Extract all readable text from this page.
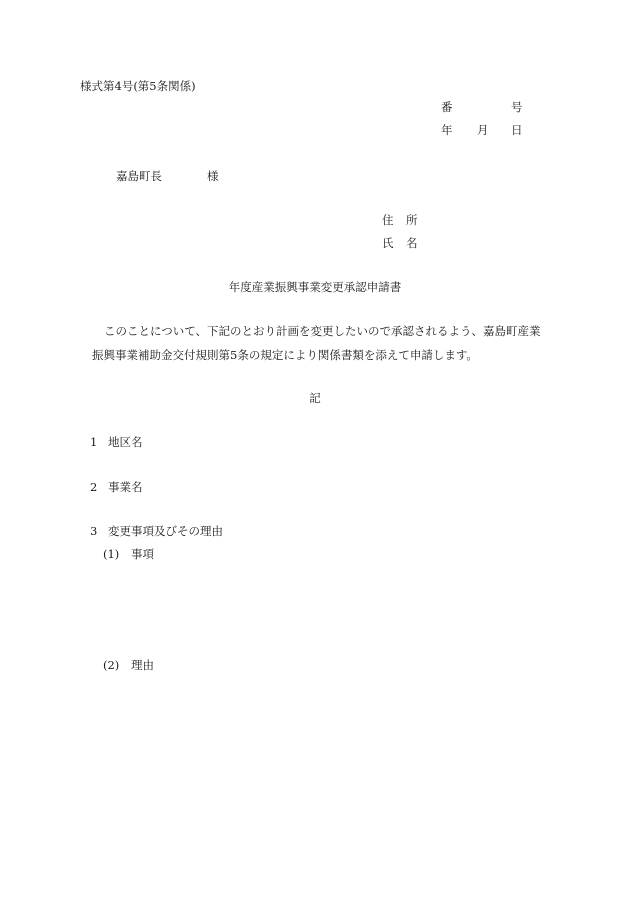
様式第4号(第5条関係)
番	号
年 月 日
嘉島町長	様
住 所
氏 名
年度産業振興事業変更承認申請書
このことについて、下記のとおり計画を変更したいので承認されるよう、嘉島町産業
振興事業補助金交付規則第5条の規定により関係書類を添えて申請します。
記
1 地区名
2 事業名
3 変更事項及びその理由
(1) 事項
(2) 理由
